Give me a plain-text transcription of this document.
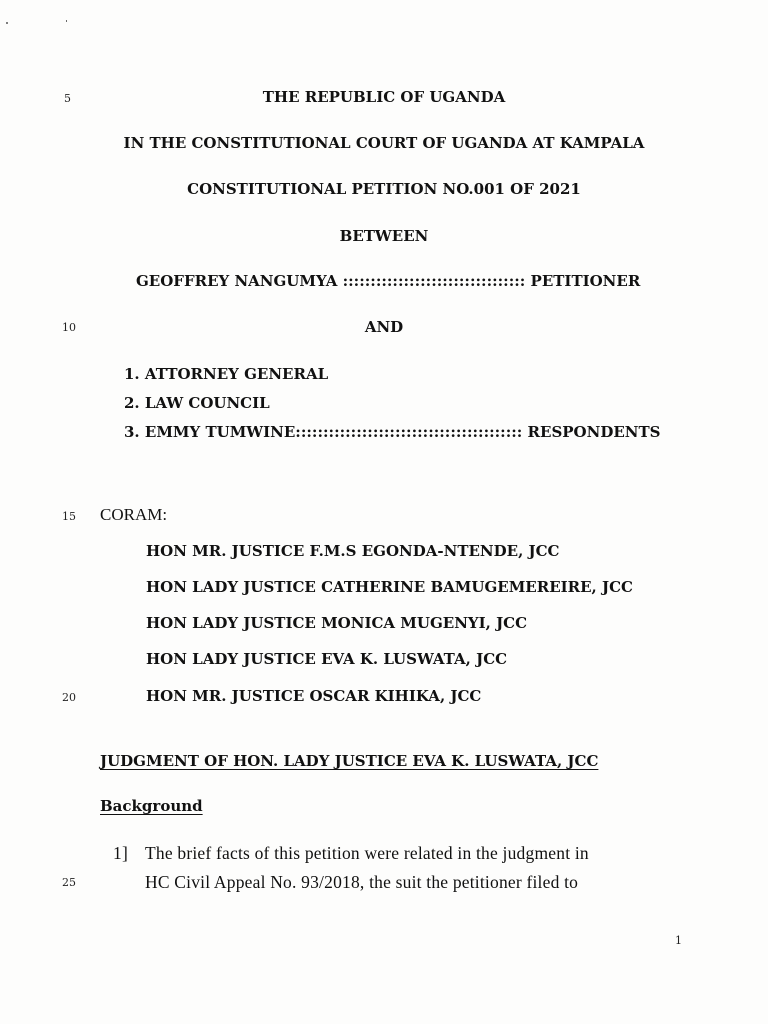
5
10
15
20
25
THE REPUBLIC OF UGANDA
IN THE CONSTITUTIONAL COURT OF UGANDA AT KAMPALA
CONSTITUTIONAL PETITION NO.001 OF 2021
BETWEEN
GEOFFREY NANGUMYA ::::::::::::::::::::::::::::::::: PETITIONER
AND
1. ATTORNEY GENERAL
2. LAW COUNCIL
3. EMMY TUMWINE::::::::::::::::::::::::::::::::::::::::: RESPONDENTS
CORAM:
HON MR. JUSTICE F.M.S EGONDA-NTENDE, JCC
HON LADY JUSTICE CATHERINE BAMUGEMEREIRE, JCC
HON LADY JUSTICE MONICA MUGENYI, JCC
HON LADY JUSTICE EVA K. LUSWATA, JCC
HON MR. JUSTICE OSCAR KIHIKA, JCC
JUDGMENT OF HON. LADY JUSTICE EVA K. LUSWATA, JCC
Background
1] The brief facts of this petition were related in the judgment in
HC Civil Appeal No. 93/2018, the suit the petitioner filed to
1
